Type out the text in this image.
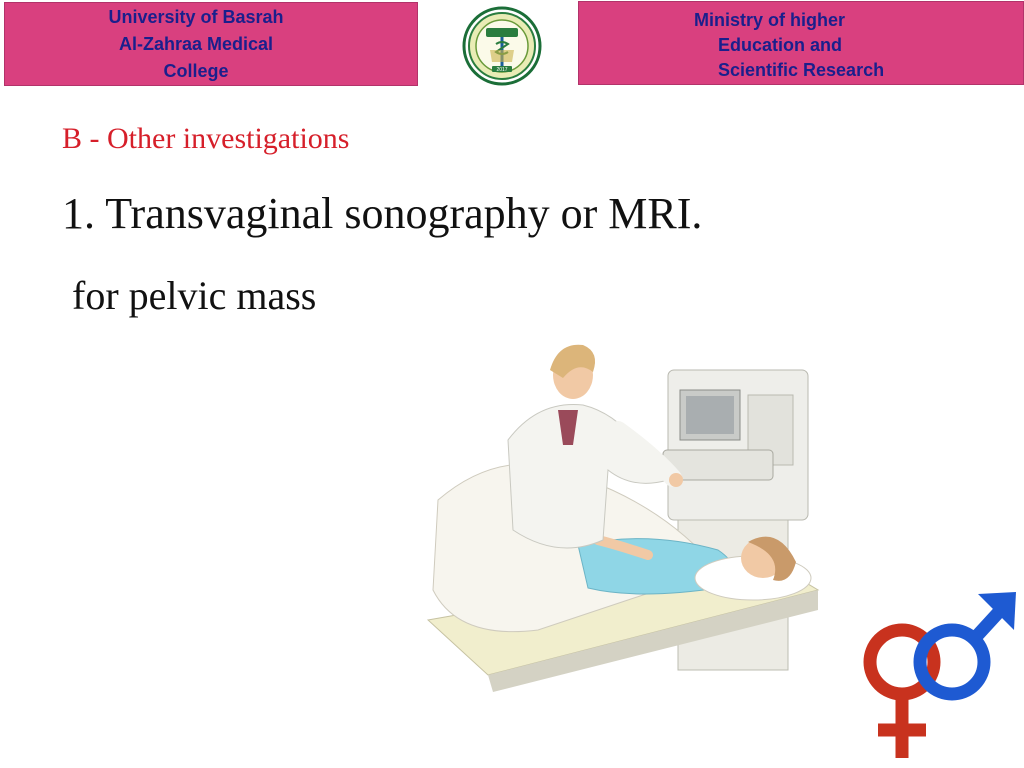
University of Basrah
Al-Zahraa Medical
College	2017
Ministry of higher
Education and
Scientific Research
B - Other investigations
1. Transvaginal sonography or MRI.
for pelvic mass
